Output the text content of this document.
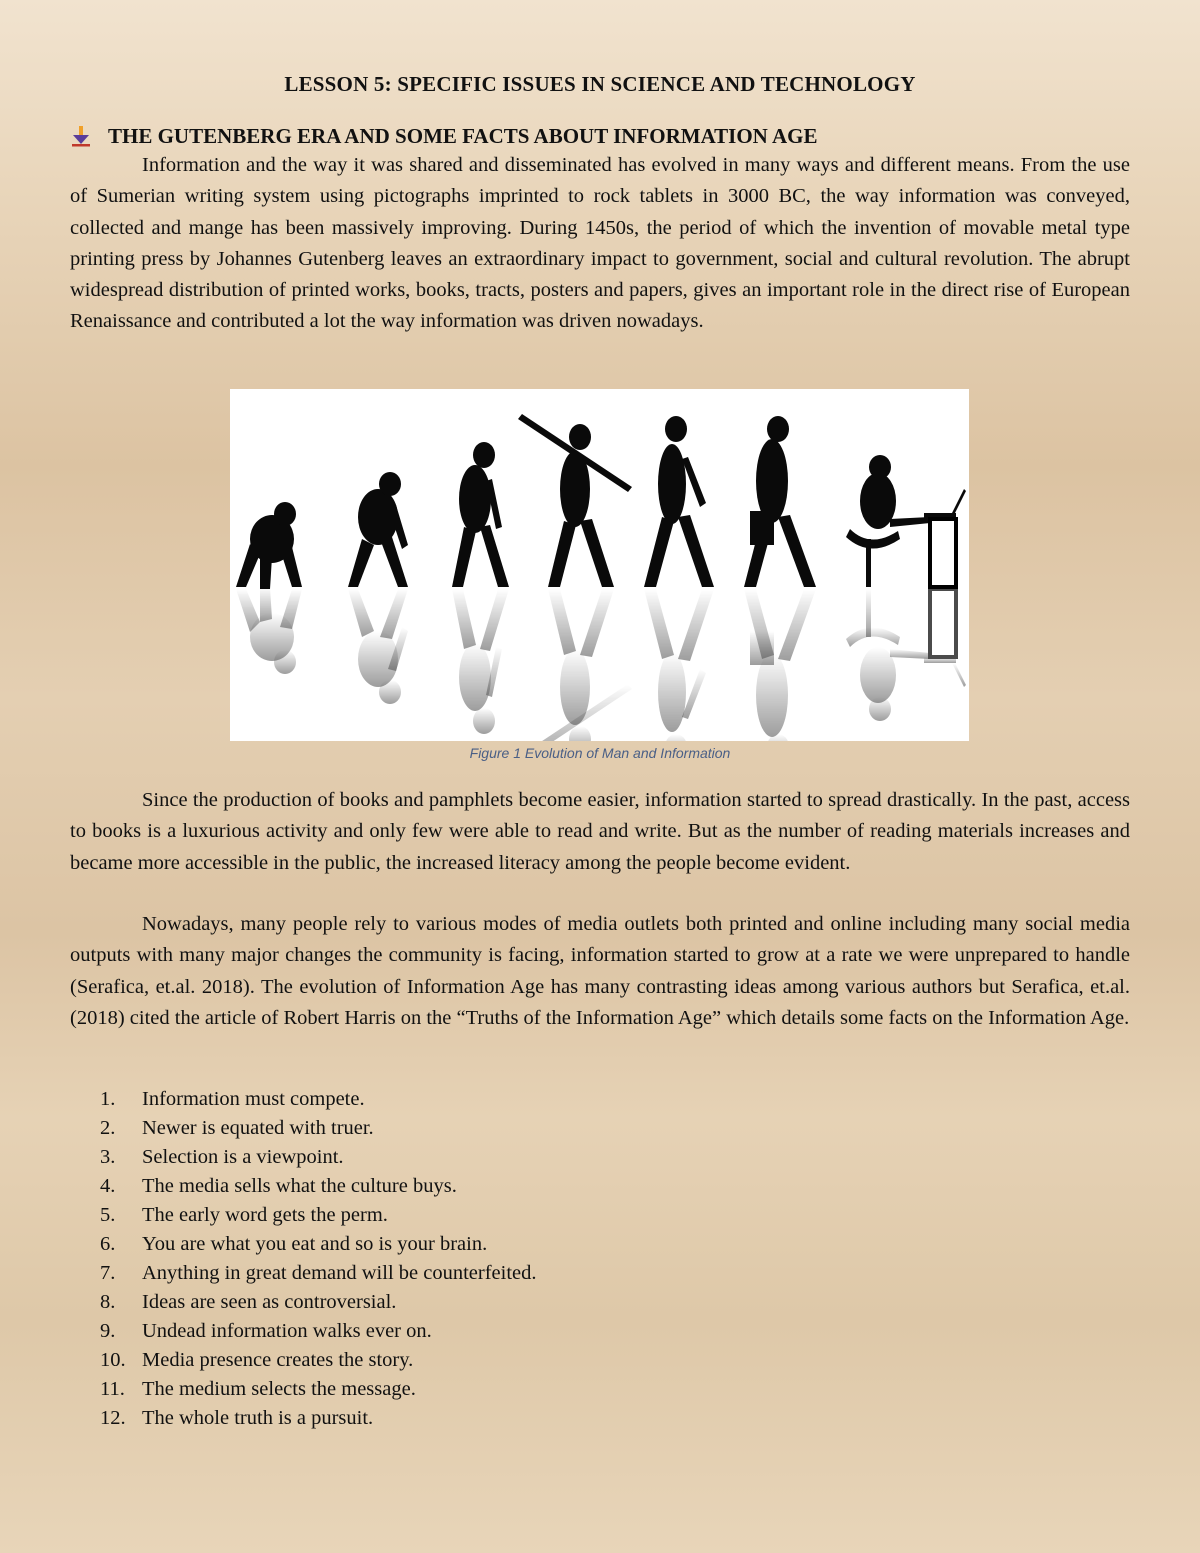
LESSON 5: SPECIFIC ISSUES IN SCIENCE AND TECHNOLOGY
THE GUTENBERG ERA AND SOME FACTS ABOUT INFORMATION AGE

Information and the way it was shared and disseminated has evolved in many ways and different means. From the use of Sumerian writing system using pictographs imprinted to rock tablets in 3000 BC, the way information was conveyed, collected and mange has been massively improving. During 1450s, the period of which the invention of movable metal type printing press by Johannes Gutenberg leaves an extraordinary impact to government, social and cultural revolution. The abrupt widespread distribution of printed works, books, tracts, posters and papers, gives an important role in the direct rise of European Renaissance and contributed a lot the way information was driven nowadays.

Figure 1 Evolution of Man and Information

Since the production of books and pamphlets become easier, information started to spread drastically. In the past, access to books is a luxurious activity and only few were able to read and write. But as the number of reading materials increases and became more accessible in the public, the increased literacy among the people become evident.

Nowadays, many people rely to various modes of media outlets both printed and online including many social media outputs with many major changes the community is facing, information started to grow at a rate we were unprepared to handle (Serafica, et.al. 2018). The evolution of Information Age has many contrasting ideas among various authors but Serafica, et.al. (2018) cited the article of Robert Harris on the “Truths of the Information Age” which details some facts on the Information Age.

1.	Information must compete.
2.	Newer is equated with truer.
3.	Selection is a viewpoint.
4.	The media sells what the culture buys.
5.	The early word gets the perm.
6.	You are what you eat and so is your brain.
7.	Anything in great demand will be counterfeited.
8.	Ideas are seen as controversial.
9.	Undead information walks ever on.
10. Media presence creates the story.
11. The medium selects the message.
12. The whole truth is a pursuit.
